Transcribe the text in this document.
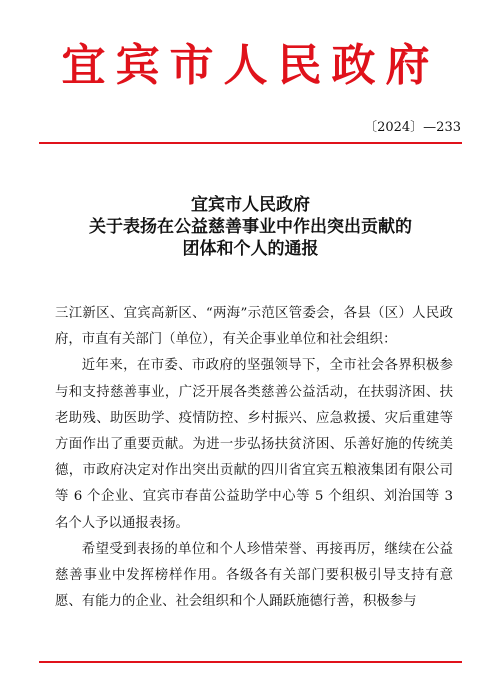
宜宾市人民政府
〔2024〕—233
宜宾市人民政府
关于表扬在公益慈善事业中作出突出贡献的
团体和个人的通报

三江新区、宜宾高新区、“两海”示范区管委会，各县（区）人民政府，市直有关部门（单位），有关企事业单位和社会组织：

近年来，在市委、市政府的坚强领导下，全市社会各界积极参与和支持慈善事业，广泛开展各类慈善公益活动，在扶弱济困、扶老助残、助医助学、疫情防控、乡村振兴、应急救援、灾后重建等方面作出了重要贡献。为进一步弘扬扶贫济困、乐善好施的传统美德，市政府决定对作出突出贡献的四川省宜宾五粮液集团有限公司等 6 个企业、宜宾市春苗公益助学中心等 5 个组织、刘治国等 3 名个人予以通报表扬。

希望受到表扬的单位和个人珍惜荣誉、再接再厉，继续在公益慈善事业中发挥榜样作用。各级各有关部门要积极引导支持有意愿、有能力的企业、社会组织和个人踊跃施德行善，积极参与
